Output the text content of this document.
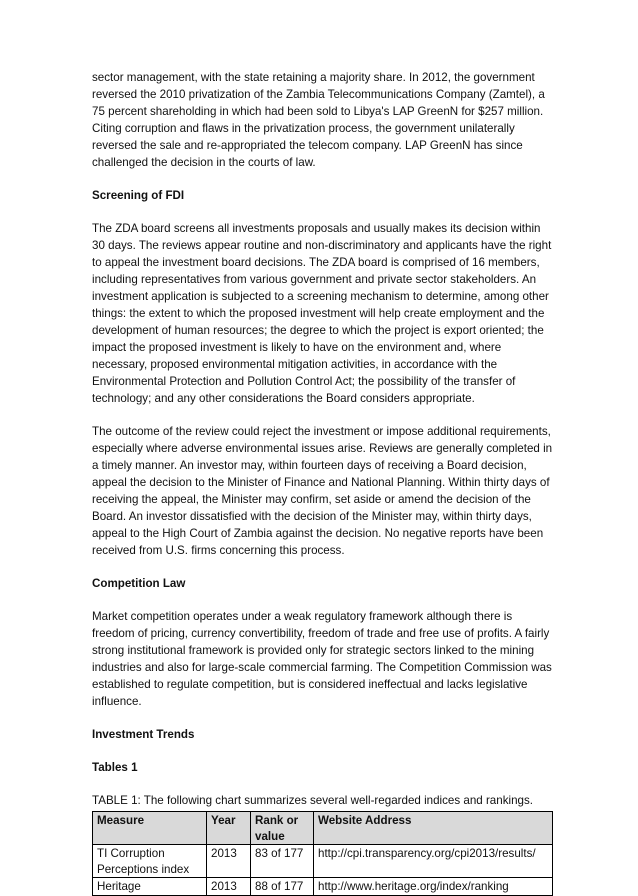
sector management, with the state retaining a majority share. In 2012, the government reversed the 2010 privatization of the Zambia Telecommunications Company (Zamtel), a 75 percent shareholding in which had been sold to Libya's LAP GreenN for $257 million. Citing corruption and flaws in the privatization process, the government unilaterally reversed the sale and re-appropriated the telecom company. LAP GreenN has since challenged the decision in the courts of law.

Screening of FDI

The ZDA board screens all investments proposals and usually makes its decision within 30 days. The reviews appear routine and non-discriminatory and applicants have the right to appeal the investment board decisions. The ZDA board is comprised of 16 members, including representatives from various government and private sector stakeholders. An investment application is subjected to a screening mechanism to determine, among other things: the extent to which the proposed investment will help create employment and the development of human resources; the degree to which the project is export oriented; the impact the proposed investment is likely to have on the environment and, where necessary, proposed environmental mitigation activities, in accordance with the Environmental Protection and Pollution Control Act; the possibility of the transfer of technology; and any other considerations the Board considers appropriate.

The outcome of the review could reject the investment or impose additional requirements, especially where adverse environmental issues arise. Reviews are generally completed in a timely manner. An investor may, within fourteen days of receiving a Board decision, appeal the decision to the Minister of Finance and National Planning. Within thirty days of receiving the appeal, the Minister may confirm, set aside or amend the decision of the Board. An investor dissatisfied with the decision of the Minister may, within thirty days, appeal to the High Court of Zambia against the decision. No negative reports have been received from U.S. firms concerning this process.

Competition Law

Market competition operates under a weak regulatory framework although there is freedom of pricing, currency convertibility, freedom of trade and free use of profits. A fairly strong institutional framework is provided only for strategic sectors linked to the mining industries and also for large-scale commercial farming. The Competition Commission was established to regulate competition, but is considered ineffectual and lacks legislative influence.

Investment Trends

Tables 1

TABLE 1: The following chart summarizes several well-regarded indices and rankings.

Measure	Year	Rank or value	Website Address
TI Corruption Perceptions index	2013	83 of 177	http://cpi.transparency.org/cpi2013/results/
Heritage	2013	88 of 177	http://www.heritage.org/index/ranking
